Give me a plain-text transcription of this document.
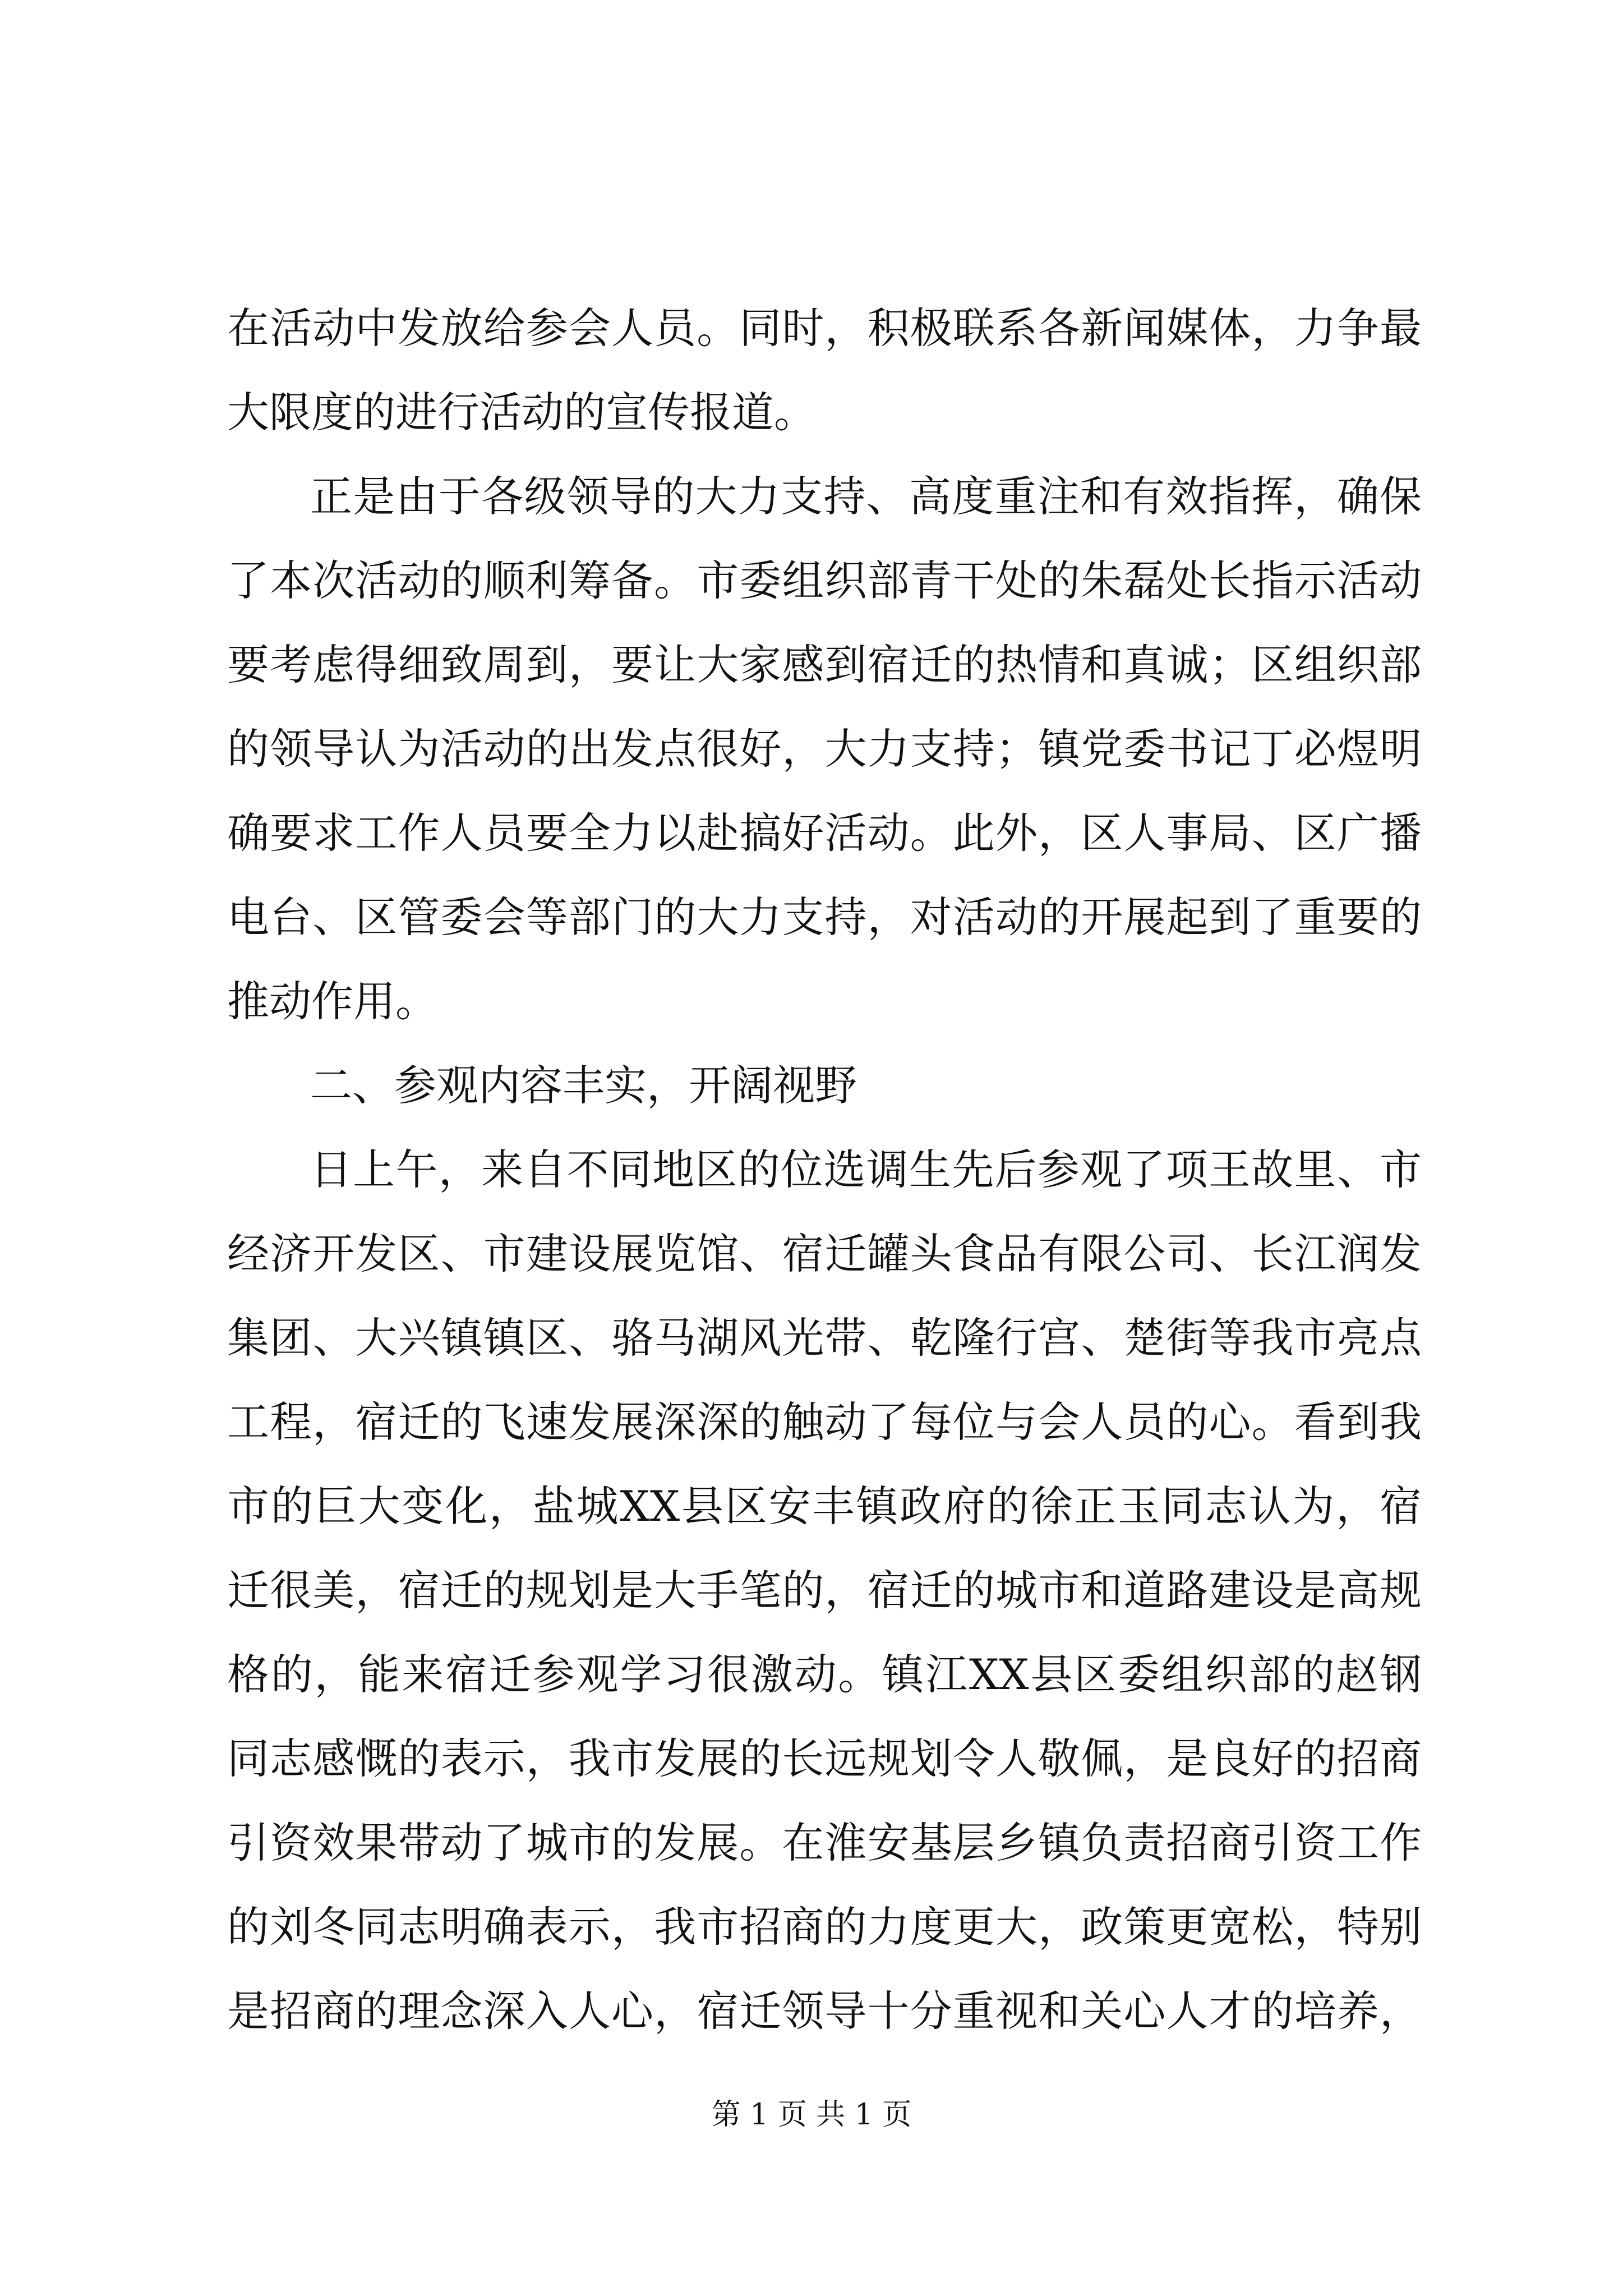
在活动中发放给参会人员。同时，积极联系各新闻媒体，力争最
大限度的进行活动的宣传报道。
正是由于各级领导的大力支持、高度重注和有效指挥，确保
了本次活动的顺利筹备。市委组织部青干处的朱磊处长指示活动
要考虑得细致周到，要让大家感到宿迁的热情和真诚；区组织部
的领导认为活动的出发点很好，大力支持；镇党委书记丁必煜明
确要求工作人员要全力以赴搞好活动。此外，区人事局、区广播
电台、区管委会等部门的大力支持，对活动的开展起到了重要的
推动作用。
二、参观内容丰实，开阔视野
日上午，来自不同地区的位选调生先后参观了项王故里、市
经济开发区、市建设展览馆、宿迁罐头食品有限公司、长江润发
集团、大兴镇镇区、骆马湖风光带、乾隆行宫、楚街等我市亮点
工程，宿迁的飞速发展深深的触动了每位与会人员的心。看到我
市的巨大变化，盐城XX县区安丰镇政府的徐正玉同志认为，宿
迁很美，宿迁的规划是大手笔的，宿迁的城市和道路建设是高规
格的，能来宿迁参观学习很激动。镇江XX县区委组织部的赵钢
同志感慨的表示，我市发展的长远规划令人敬佩，是良好的招商
引资效果带动了城市的发展。在淮安基层乡镇负责招商引资工作
的刘冬同志明确表示，我市招商的力度更大，政策更宽松，特别
是招商的理念深入人心，宿迁领导十分重视和关心人才的培养，
第 1 页 共 1 页
